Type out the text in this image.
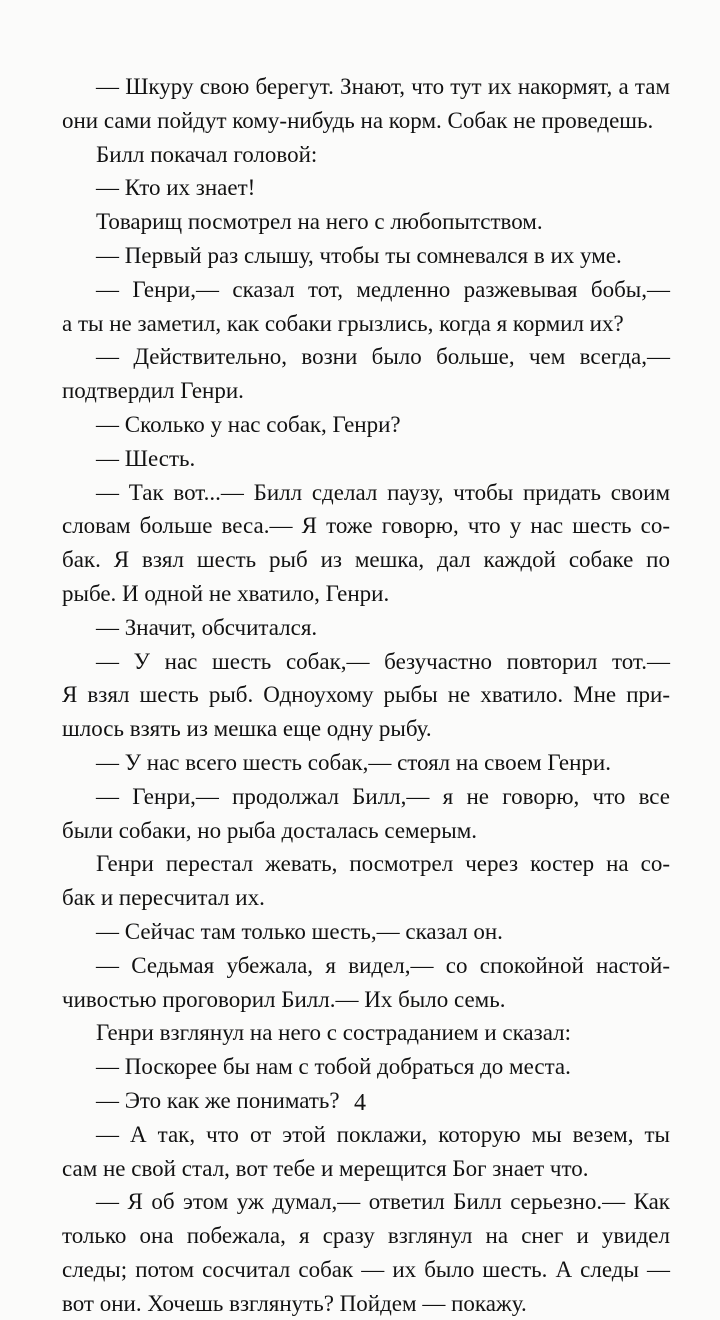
— Шкуру свою берегут. Знают, что тут их накормят, а там
они сами пойдут кому-нибудь на корм. Собак не проведешь.
Билл покачал головой:
— Кто их знает!
Товарищ посмотрел на него с любопытством.
— Первый раз слышу, чтобы ты сомневался в их уме.
— Генри,— сказал тот, медленно разжевывая бобы,—
а ты не заметил, как собаки грызлись, когда я кормил их?
— Действительно, возни было больше, чем всегда,—
подтвердил Генри.
— Сколько у нас собак, Генри?
— Шесть.
— Так вот...— Билл сделал паузу, чтобы придать своим
словам больше веса.— Я тоже говорю, что у нас шесть со-
бак. Я взял шесть рыб из мешка, дал каждой собаке по
рыбе. И одной не хватило, Генри.
— Значит, обсчитался.
— У нас шесть собак,— безучастно повторил тот.—
Я взял шесть рыб. Одноухому рыбы не хватило. Мне при-
шлось взять из мешка еще одну рыбу.
— У нас всего шесть собак,— стоял на своем Генри.
— Генри,— продолжал Билл,— я не говорю, что все
были собаки, но рыба досталась семерым.
Генри перестал жевать, посмотрел через костер на со-
бак и пересчитал их.
— Сейчас там только шесть,— сказал он.
— Седьмая убежала, я видел,— со спокойной настой-
чивостью проговорил Билл.— Их было семь.
Генри взглянул на него с состраданием и сказал:
— Поскорее бы нам с тобой добраться до места.
— Это как же понимать?
— А так, что от этой поклажи, которую мы везем, ты
сам не свой стал, вот тебе и мерещится Бог знает что.
— Я об этом уж думал,— ответил Билл серьезно.— Как
только она побежала, я сразу взглянул на снег и увидел
следы; потом сосчитал собак — их было шесть. А следы —
вот они. Хочешь взглянуть? Пойдем — покажу.
4
